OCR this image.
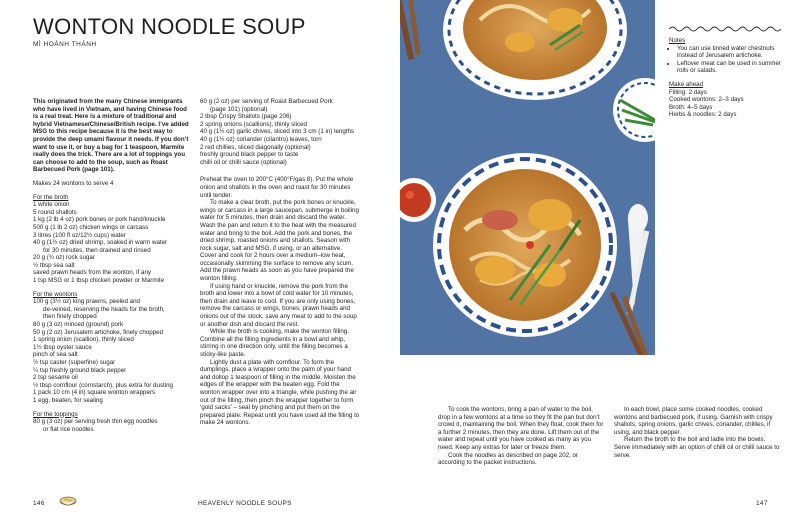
WONTON NOODLE SOUP
MÌ HOÀNH THÁNH

This originated from the many Chinese immigrants who have lived in Vietnam, and having Chinese food is a real treat. Here is a mixture of traditional and hybrid Vietnamese/Chinese/British recipe. I’ve added MSG to this recipe because it is the best way to provide the deep umami flavour it needs. If you don’t want to use it, or buy a bag for 1 teaspoon, Marmite really does the trick. There are a lot of toppings you can choose to add to the soup, such as Roast Barbecued Pork (page 101).

Makes 24 wontons to serve 4

For the broth

1 white onion

5 round shallots

1 kg (2 lb 4 oz) pork bones or pork hand/knuckle

500 g (1 lb 2 oz) chicken wings or carcass

3 litres (100 fl oz/12½ cups) water

40 g (1½ oz) dried shrimp, soaked in warm water

for 30 minutes, then drained and rinsed

20 g (¾ oz) rock sugar

½ tbsp sea salt

saved prawn heads from the wonton, if any

1 tsp MSG or 1 tbsp chicken powder or Marmite

For the wontons

100 g (3½ oz) king prawns, peeled and

de-veined, reserving the heads for the broth,

then finely chopped

80 g (3 oz) minced (ground) pork

50 g (2 oz) Jerusalem artichoke, finely chopped

1 spring onion (scallion), thinly sliced

1½ tbsp oyster sauce

pinch of sea salt

½ tsp caster (superfine) sugar

¼ tsp freshly ground black pepper

2 tsp sesame oil

½ tbsp cornflour (cornstarch), plus extra for dusting

1 pack 10 cm (4 in) square wonton wrappers

1 egg, beaten, for sealing

For the toppings

80 g (3 oz) per serving fresh thin egg noodles

or flat rice noodles

60 g (2 oz) per serving of Roast Barbecued Pork

(page 101) (optional)

2 tbsp Crispy Shallots (page 206)

2 spring onions (scallions), thinly sliced

40 g (1½ oz) garlic chives, sliced into 3 cm (1 in) lengths

40 g (1½ oz) coriander (cilantro) leaves, torn

2 red chillies, sliced diagonally (optional)

freshly ground black pepper to taste

chilli oil or chilli sauce (optional)

Preheat the oven to 200°C (400°F/gas 8). Put the whole onion and shallots in the oven and roast for 30 minutes until tender.

To make a clear broth, put the pork bones or knuckle, wings or carcass in a large saucepan, submerge in boiling water for 5 minutes, then drain and discard the water. Wash the pan and return it to the heat with the measured water and bring to the boil. Add the pork and bones, the dried shrimp, roasted onions and shallots. Season with rock sugar, salt and MSG, if using, or an alternative. Cover and cook for 2 hours over a medium–low heat, occasionally skimming the surface to remove any scum. Add the prawn heads as soon as you have prepared the wonton filling.

If using hand or knuckle, remove the pork from the broth and lower into a bowl of cold water for 10 minutes, then drain and leave to cool. If you are only using bones, remove the carcass or wings, bones, prawn heads and onions out of the stock, save any meat to add to the soup or another dish and discard the rest.

While the broth is cooking, make the wonton filling. Combine all the filling ingredients in a bowl and whip, stirring in one direction only, until the filling becomes a sticky-like paste.

Lightly dust a plate with cornflour. To form the dumplings, place a wrapper onto the palm of your hand and dollop 1 teaspoon of filling in the middle. Moisten the edges of the wrapper with the beaten egg. Fold the wonton wrapper over into a triangle, while pushing the air out of the filling, then pinch the wrapper together to form ‘gold sacks’ – seal by pinching and put them on the prepared plate. Repeat until you have used all the filling to make 24 wontons.

146	HEAVENLY NOODLE SOUPS

Notes

• You can use tinned water chestnuts instead of Jerusalem artichoke.
• Leftover meat can be used in summer rolls or salads.

Make ahead

Filling: 2 days

Cooked wontons: 2–3 days

Broth: 4–5 days

Herbs & noodles: 2 days

To cook the wontons, bring a pan of water to the boil, drop in a few wontons at a time so they fit the pan but don’t crowd it, maintaining the boil. When they float, cook them for a further 2 minutes, then they are done. Lift them out of the water and repeat until you have cooked as many as you need. Keep any extras for later or freeze them.

Cook the noodles as described on page 202, or according to the packet instructions.

In each bowl, place some cooked noodles, cooked wontons and barbecued pork, if using. Garnish with crispy shallots, spring onions, garlic chives, coriander, chillies, if using, and black pepper.

Return the broth to the boil and ladle into the bowls. Serve immediately with an option of chilli oil or chilli sauce to serve.

147
